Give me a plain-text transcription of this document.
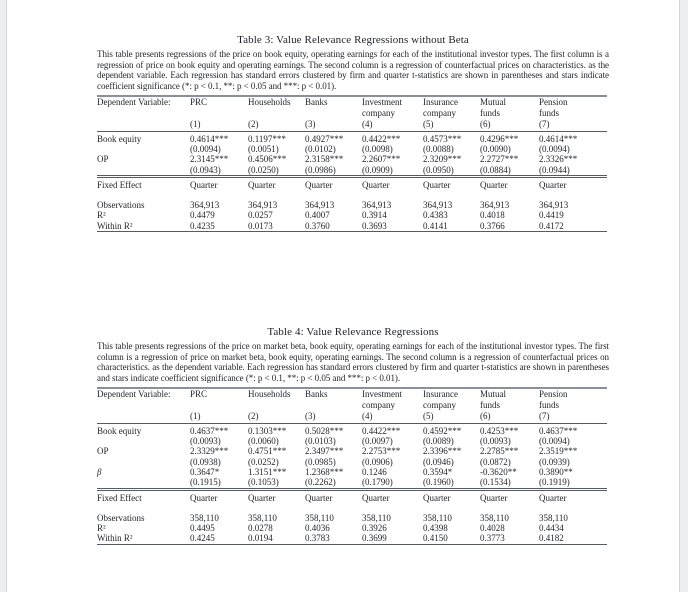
Table 3: Value Relevance Regressions without Beta

This table presents regressions of the price on book equity, operating earnings for each of the institutional investor types. The first column is a regression of price on book equity and operating earnings. The second column is a regression of counterfactual prices on characteristics. as the dependent variable. Each regression has standard errors clustered by firm and quarter t-statistics are shown in parentheses and stars indicate coefficient significance (*: p < 0.1, **: p < 0.05 and ***: p < 0.01).

Dependent Variable:	PRC	Households	Banks	Investment	Insurance	Mutual	Pension
				company	company	funds	funds
	(1)	(2)	(3)	(4)	(5)	(6)	(7)
Book equity	0.4614***	0.1197***	0.4927***	0.4422***	0.4573***	0.4296***	0.4614***
	(0.0094)	(0.0051)	(0.0102)	(0.0098)	(0.0088)	(0.0090)	(0.0094)
OP	2.3145***	0.4506***	2.3158***	2.2607***	2.3209***	2.2727***	2.3326***
	(0.0943)	(0.0250)	(0.0986)	(0.0909)	(0.0950)	(0.0884)	(0.0944)
Fixed Effect	Quarter	Quarter	Quarter	Quarter	Quarter	Quarter	Quarter

Observations	364,913	364,913	364,913	364,913	364,913	364,913	364,913
R²	0.4479	0.0257	0.4007	0.3914	0.4383	0.4018	0.4419
Within R²	0.4235	0.0173	0.3760	0.3693	0.4141	0.3766	0.4172
Table 4: Value Relevance Regressions

This table presents regressions of the price on market beta, book equity, operating earnings for each of the institutional investor types. The first column is a regression of price on market beta, book equity, operating earnings. The second column is a regression of counterfactual prices on characteristics. as the dependent variable. Each regression has standard errors clustered by firm and quarter t-statistics are shown in parentheses and stars indicate coefficient significance (*: p < 0.1, **: p < 0.05 and ***: p < 0.01).

Dependent Variable:	PRC	Households	Banks	Investment	Insurance	Mutual	Pension
				company	company	funds	funds
	(1)	(2)	(3)	(4)	(5)	(6)	(7)
Book equity	0.4637***	0.1303***	0.5028***	0.4422***	0.4592***	0.4253***	0.4637***
	(0.0093)	(0.0060)	(0.0103)	(0.0097)	(0.0089)	(0.0093)	(0.0094)
OP	2.3329***	0.4751***	2.3497***	2.2753***	2.3396***	2.2785***	2.3519***
	(0.0938)	(0.0252)	(0.0985)	(0.0906)	(0.0946)	(0.0872)	(0.0939)
β	0.3647*	1.3151***	1.2368***	0.1246	0.3594*	-0.3620**	0.3890**
	(0.1915)	(0.1053)	(0.2262)	(0.1790)	(0.1960)	(0.1534)	(0.1919)
Fixed Effect	Quarter	Quarter	Quarter	Quarter	Quarter	Quarter	Quarter

Observations	358,110	358,110	358,110	358,110	358,110	358,110	358,110
R²	0.4495	0.0278	0.4036	0.3926	0.4398	0.4028	0.4434
Within R²	0.4245	0.0194	0.3783	0.3699	0.4150	0.3773	0.4182
